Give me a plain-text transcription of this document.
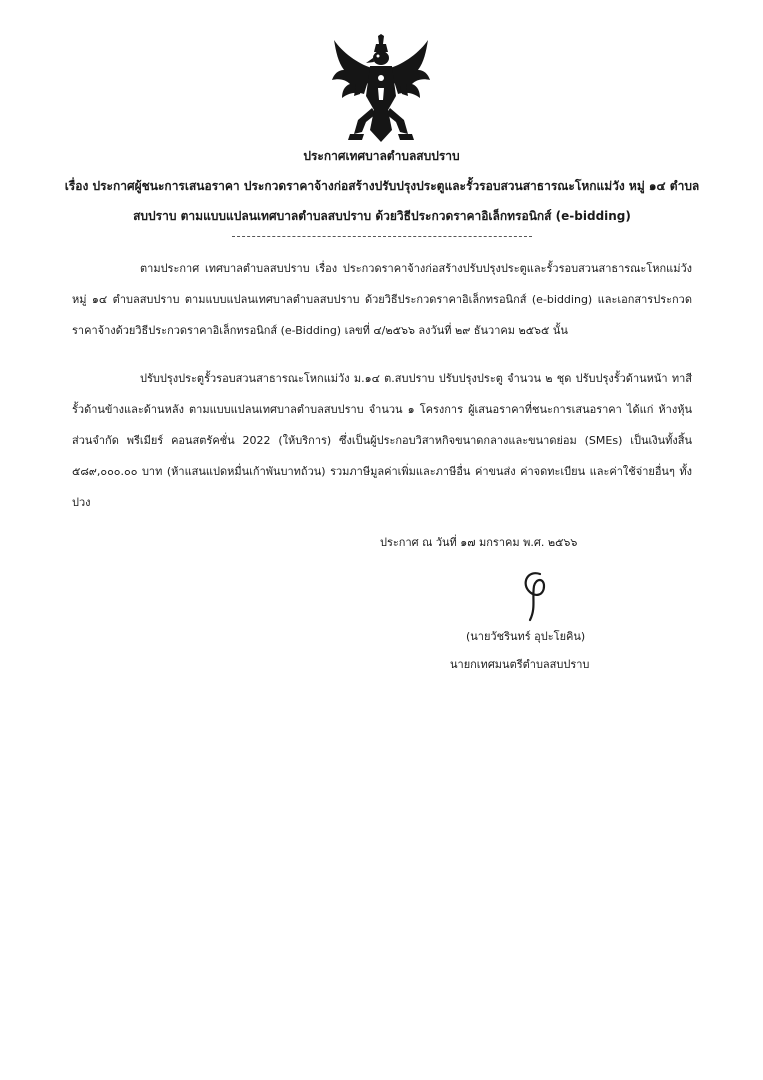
ประกาศเทศบาลตำบลสบปราบ
เรื่อง ประกาศผู้ชนะการเสนอราคา ประกวดราคาจ้างก่อสร้างปรับปรุงประตูและรั้วรอบสวนสาธารณะโหกแม่วัง หมู่ ๑๔ ตำบลสบปราบ ตามแบบแปลนเทศบาลตำบลสบปราบ ด้วยวิธีประกวดราคาอิเล็กทรอนิกส์ (e-bidding)
ตามประกาศ เทศบาลตำบลสบปราบ เรื่อง ประกวดราคาจ้างก่อสร้างปรับปรุงประตูและรั้วรอบสวนสาธารณะโหกแม่วัง หมู่ ๑๔ ตำบลสบปราบ ตามแบบแปลนเทศบาลตำบลสบปราบ ด้วยวิธีประกวดราคาอิเล็กทรอนิกส์ (e-bidding) และเอกสารประกวดราคาจ้างด้วยวิธีประกวดราคาอิเล็กทรอนิกส์ (e-Bidding) เลขที่ ๔/๒๕๖๖ ลงวันที่ ๒๙ ธันวาคม ๒๕๖๕ นั้น
ปรับปรุงประตูรั้วรอบสวนสาธารณะโหกแม่วัง ม.๑๔ ต.สบปราบ ปรับปรุงประตู จำนวน ๒ ชุด ปรับปรุงรั้วด้านหน้า ทาสีรั้วด้านข้างและด้านหลัง ตามแบบแปลนเทศบาลตำบลสบปราบ จำนวน ๑ โครงการ ผู้เสนอราคาที่ชนะการเสนอราคา ได้แก่ ห้างหุ้นส่วนจำกัด พรีเมียร์ คอนสตรัคชั่น 2022 (ให้บริการ) ซึ่งเป็นผู้ประกอบวิสาหกิจขนาดกลางและขนาดย่อม (SMEs) เป็นเงินทั้งสิ้น ๕๘๙,๐๐๐.๐๐ บาท (ห้าแสนแปดหมื่นเก้าพันบาทถ้วน) รวมภาษีมูลค่าเพิ่มและภาษีอื่น ค่าขนส่ง ค่าจดทะเบียน และค่าใช้จ่ายอื่นๆ ทั้งปวง
ประกาศ ณ วันที่ ๑๗ มกราคม พ.ศ. ๒๕๖๖
(นายวัชรินทร์ อุปะโยคิน)
นายกเทศมนตรีตำบลสบปราบ
